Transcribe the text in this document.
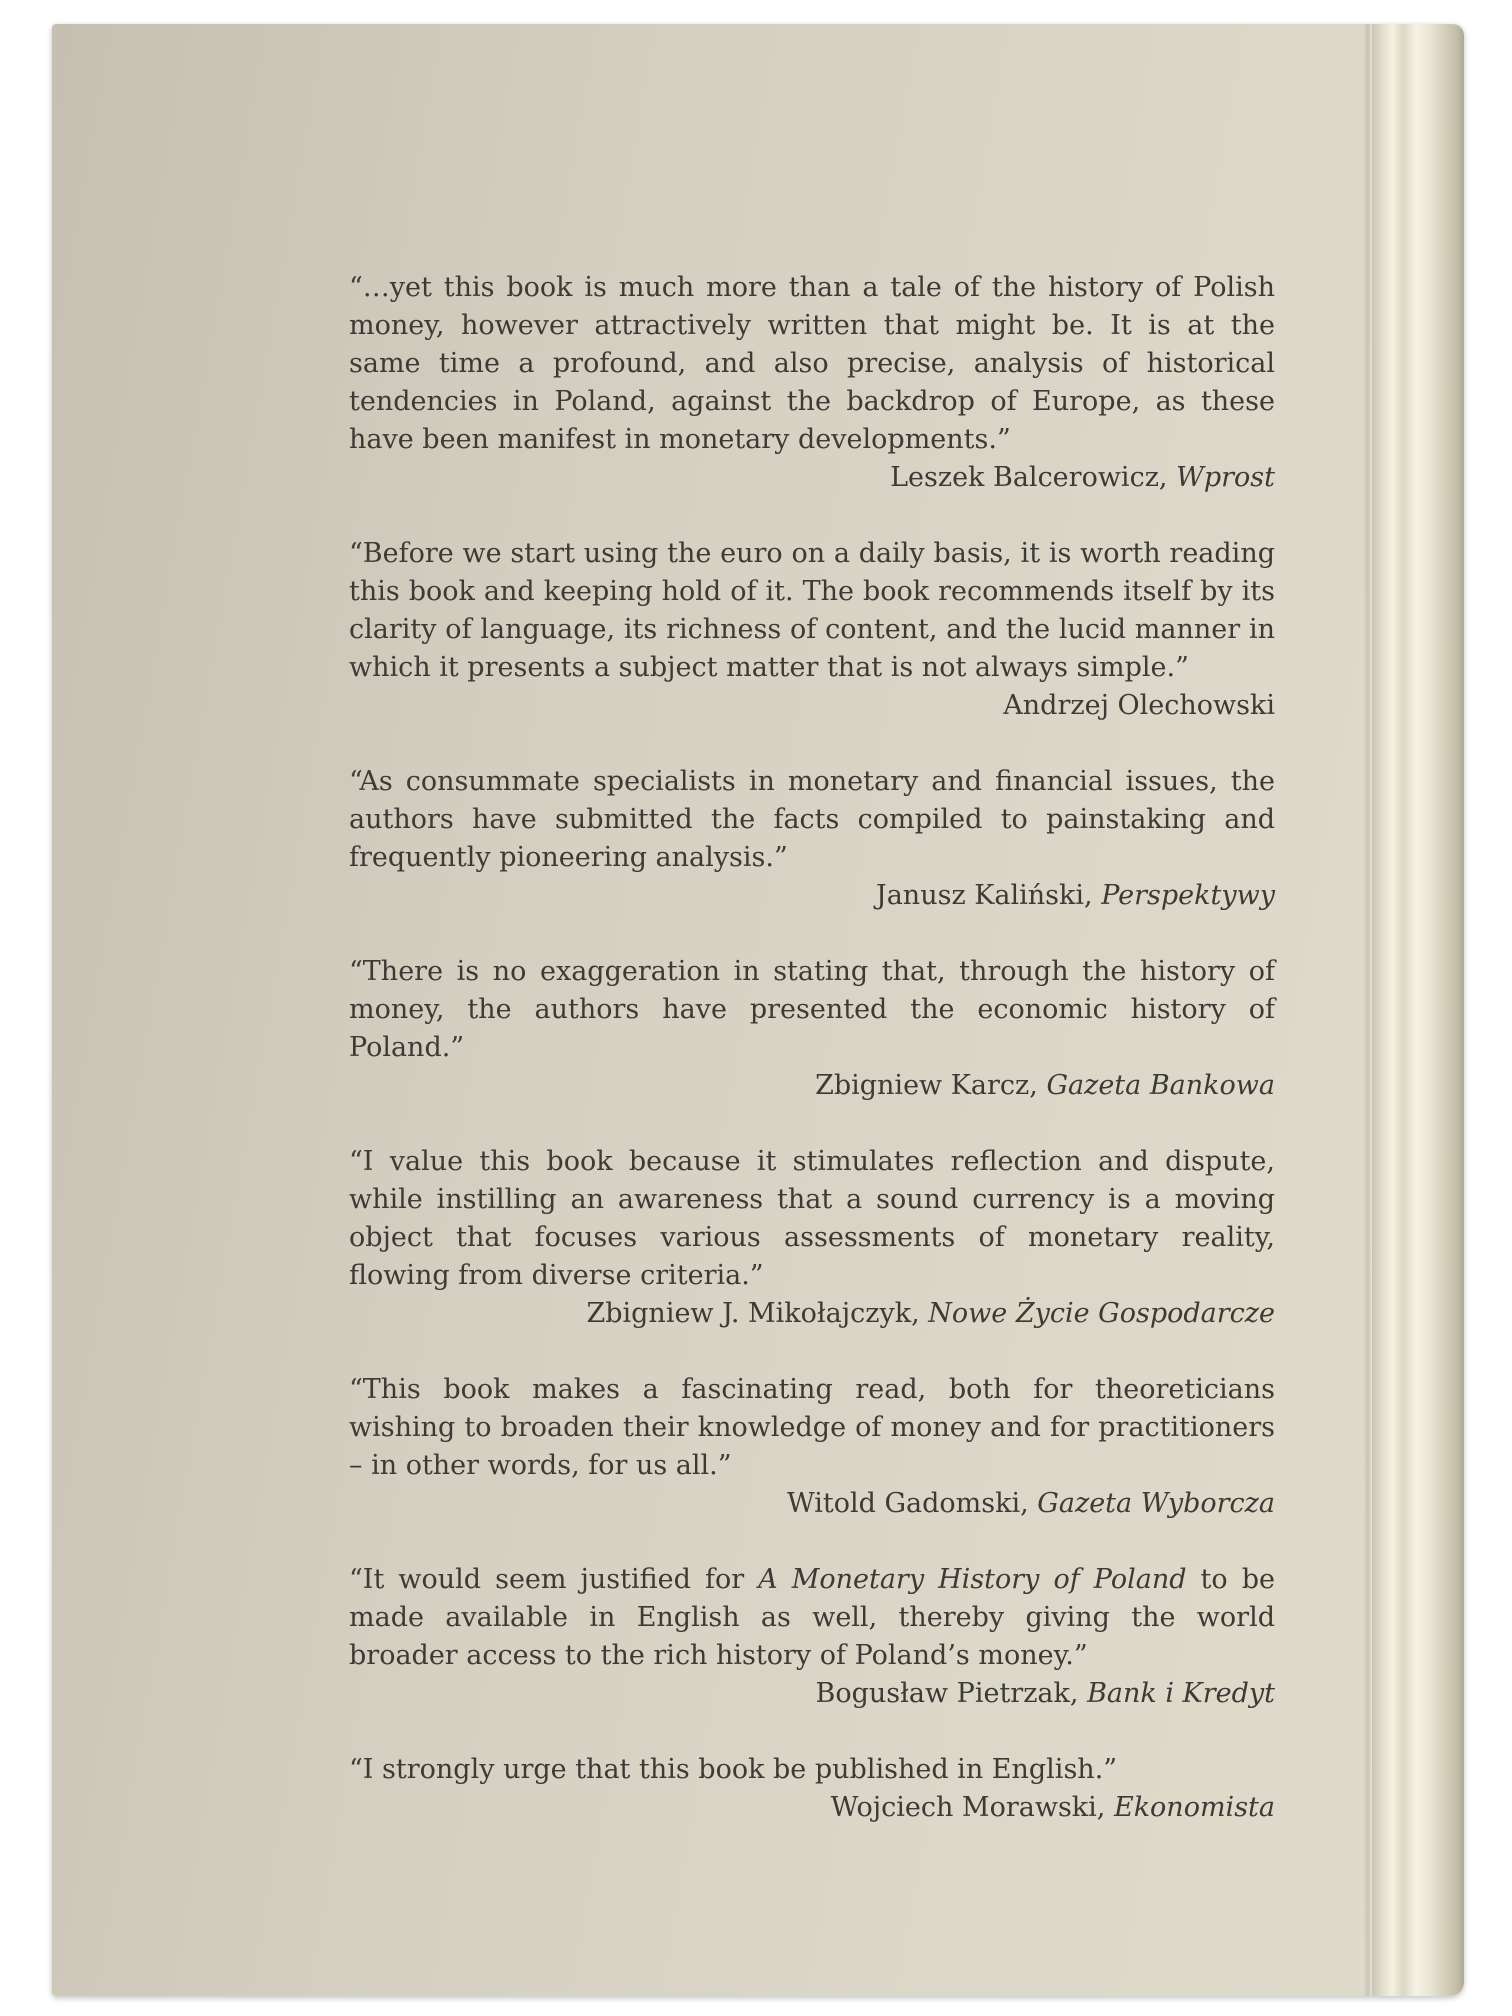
“…yet this book is much more than a tale of the history of Polish money, however attractively written that might be. It is at the same time a profound, and also precise, analysis of historical tendencies in Poland, against the backdrop of Europe, as these have been manifest in monetary developments.”

Leszek Balcerowicz, Wprost

“Before we start using the euro on a daily basis, it is worth reading this book and keeping hold of it. The book recommends itself by its clarity of language, its richness of content, and the lucid manner in which it presents a subject matter that is not always simple.”

Andrzej Olechowski

“As consummate specialists in monetary and financial issues, the authors have submitted the facts compiled to painstaking and frequently pioneering analysis.”

Janusz Kaliński, Perspektywy

“There is no exaggeration in stating that, through the history of money, the authors have presented the economic history of Poland.”

Zbigniew Karcz, Gazeta Bankowa

“I value this book because it stimulates reflection and dispute, while instilling an awareness that a sound currency is a moving object that focuses various assessments of monetary reality, flowing from diverse criteria.”

Zbigniew J. Mikołajczyk, Nowe Życie Gospodarcze

“This book makes a fascinating read, both for theoreticians wishing to broaden their knowledge of money and for practitioners – in other words, for us all.”

Witold Gadomski, Gazeta Wyborcza

“It would seem justified for A Monetary History of Poland to be made available in English as well, thereby giving the world broader access to the rich history of Poland’s money.”

Bogusław Pietrzak, Bank i Kredyt

“I strongly urge that this book be published in English.”

Wojciech Morawski, Ekonomista
